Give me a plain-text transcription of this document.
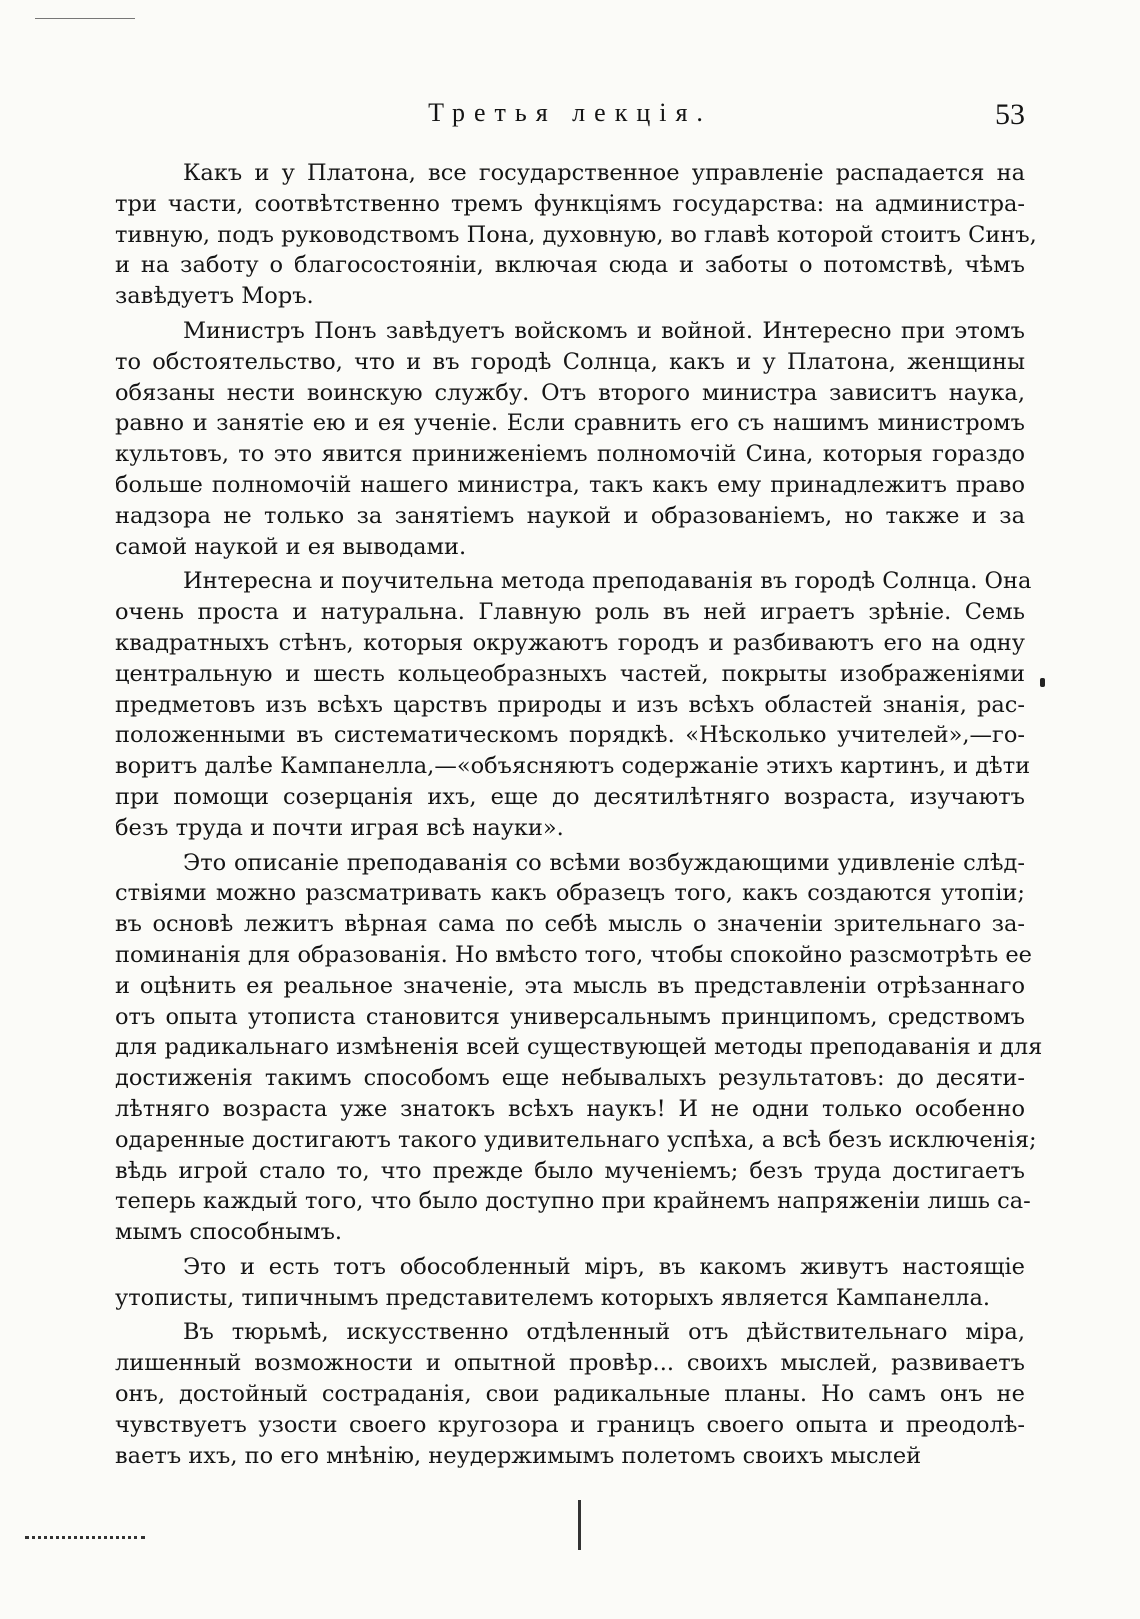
Третья лекція.	53
Какъ и у Платона, все государственное управленіе распадается на
три части, соотвѣтственно тремъ функціямъ государства: на администра-
тивную, подъ руководствомъ Пона, духовную, во главѣ которой стоитъ Синъ,
и на заботу о благосостояніи, включая сюда и заботы о потомствѣ, чѣмъ
завѣдуетъ Моръ.
Министръ Понъ завѣдуетъ войскомъ и войной. Интересно при этомъ
то обстоятельство, что и въ городѣ Солнца, какъ и у Платона, женщины
обязаны нести воинскую службу. Отъ второго министра зависитъ наука,
равно и занятіе ею и ея ученіе. Если сравнить его съ нашимъ министромъ
культовъ, то это явится приниженіемъ полномочій Сина, которыя гораздо
больше полномочій нашего министра, такъ какъ ему принадлежитъ право
надзора не только за занятіемъ наукой и образованіемъ, но также и за
самой наукой и ея выводами.
Интересна и поучительна метода преподаванія въ городѣ Солнца. Она
очень проста и натуральна. Главную роль въ ней играетъ зрѣніе. Семь
квадратныхъ стѣнъ, которыя окружаютъ городъ и разбиваютъ его на одну
центральную и шесть кольцеобразныхъ частей, покрыты изображеніями
предметовъ изъ всѣхъ царствъ природы и изъ всѣхъ областей знанія, рас-
положенными въ систематическомъ порядкѣ. «Нѣсколько учителей»,—го-
воритъ далѣе Кампанелла,—«объясняютъ содержаніе этихъ картинъ, и дѣти
при помощи созерцанія ихъ, еще до десятилѣтняго возраста, изучаютъ
безъ труда и почти играя всѣ науки».
Это описаніе преподаванія со всѣми возбуждающими удивленіе слѣд-
ствіями можно разсматривать какъ образецъ того, какъ создаются утопіи;
въ основѣ лежитъ вѣрная сама по себѣ мысль о значеніи зрительнаго за-
поминанія для образованія. Но вмѣсто того, чтобы спокойно разсмотрѣть ее
и оцѣнить ея реальное значеніе, эта мысль въ представленіи отрѣзаннаго
отъ опыта утописта становится универсальнымъ принципомъ, средствомъ
для радикальнаго измѣненія всей существующей методы преподаванія и для
достиженія такимъ способомъ еще небывалыхъ результатовъ: до десяти-
лѣтняго возраста уже знатокъ всѣхъ наукъ! И не одни только особенно
одаренные достигаютъ такого удивительнаго успѣха, а всѣ безъ исключенія;
вѣдь игрой стало то, что прежде было мученіемъ; безъ труда достигаетъ
теперь каждый того, что было доступно при крайнемъ напряженіи лишь са-
мымъ способнымъ.
Это и есть тотъ обособленный міръ, въ какомъ живутъ настоящіе
утописты, типичнымъ представителемъ которыхъ является Кампанелла.
Въ тюрьмѣ, искусственно отдѣленный отъ дѣйствительнаго міра,
лишенный возможности и опытной провѣр... своихъ мыслей, развиваетъ
онъ, достойный состраданія, свои радикальные планы. Но самъ онъ не
чувствуетъ узости своего кругозора и границъ своего опыта и преодолѣ-
ваетъ ихъ, по его мнѣнію, неудержимымъ полетомъ своихъ мыслей
